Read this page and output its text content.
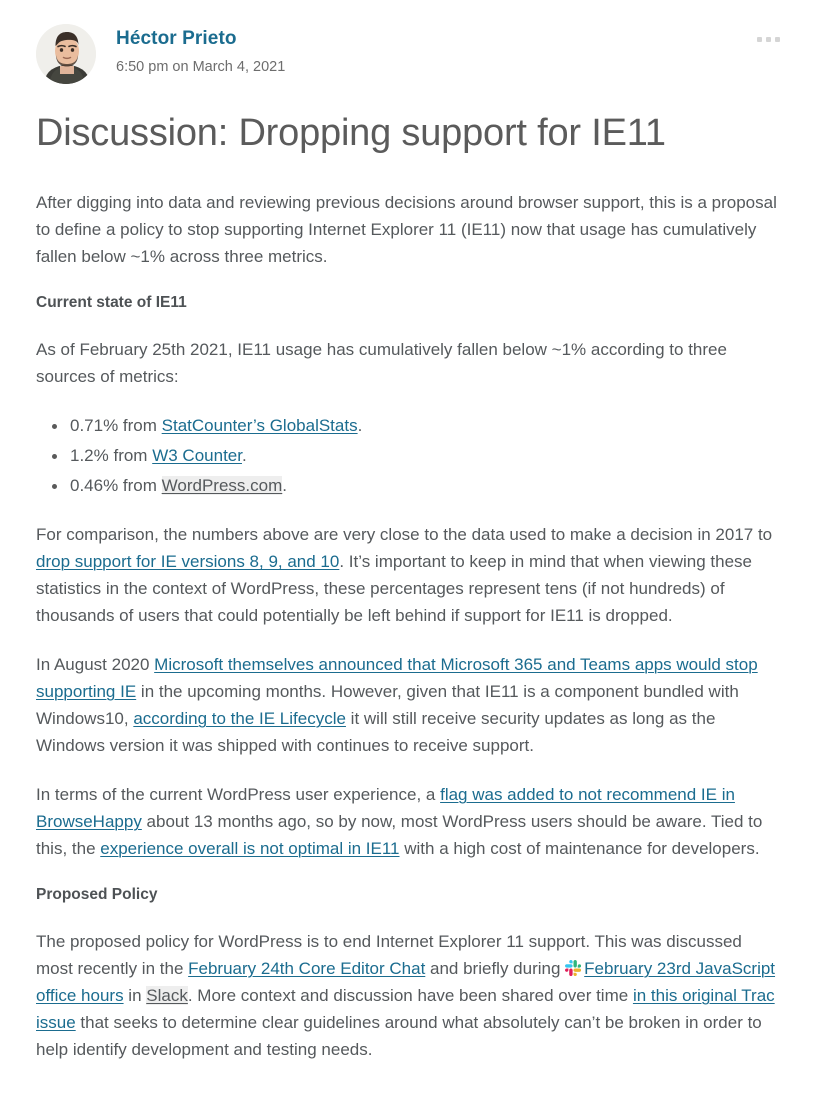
Héctor Prieto
6:50 pm on March 4, 2021
Discussion: Dropping support for IE11

After digging into data and reviewing previous decisions around browser support, this is a proposal to define a policy to stop supporting Internet Explorer 11 (IE11) now that usage has cumulatively fallen below ~1% across three metrics.

Current state of IE11

As of February 25th 2021, IE11 usage has cumulatively fallen below ~1% according to three sources of metrics:

0.71% from StatCounter’s GlobalStats.
1.2% from W3 Counter.
0.46% from WordPress.com.

For comparison, the numbers above are very close to the data used to make a decision in 2017 to drop support for IE versions 8, 9, and 10. It’s important to keep in mind that when viewing these statistics in the context of WordPress, these percentages represent tens (if not hundreds) of thousands of users that could potentially be left behind if support for IE11 is dropped.

In August 2020 Microsoft themselves announced that Microsoft 365 and Teams apps would stop supporting IE in the upcoming months. However, given that IE11 is a component bundled with Windows10, according to the IE Lifecycle it will still receive security updates as long as the Windows version it was shipped with continues to receive support.

In terms of the current WordPress user experience, a flag was added to not recommend IE in BrowseHappy about 13 months ago, so by now, most WordPress users should be aware. Tied to this, the experience overall is not optimal in IE11 with a high cost of maintenance for developers.

Proposed Policy

The proposed policy for WordPress is to end Internet Explorer 11 support. This was discussed most recently in the February 24th Core Editor Chat and briefly during
February 23rd JavaScript office hours in Slack. More context and discussion have been shared over time in this original Trac issue that seeks to determine clear guidelines around what absolutely can’t be broken in order to help identify development and testing needs.
